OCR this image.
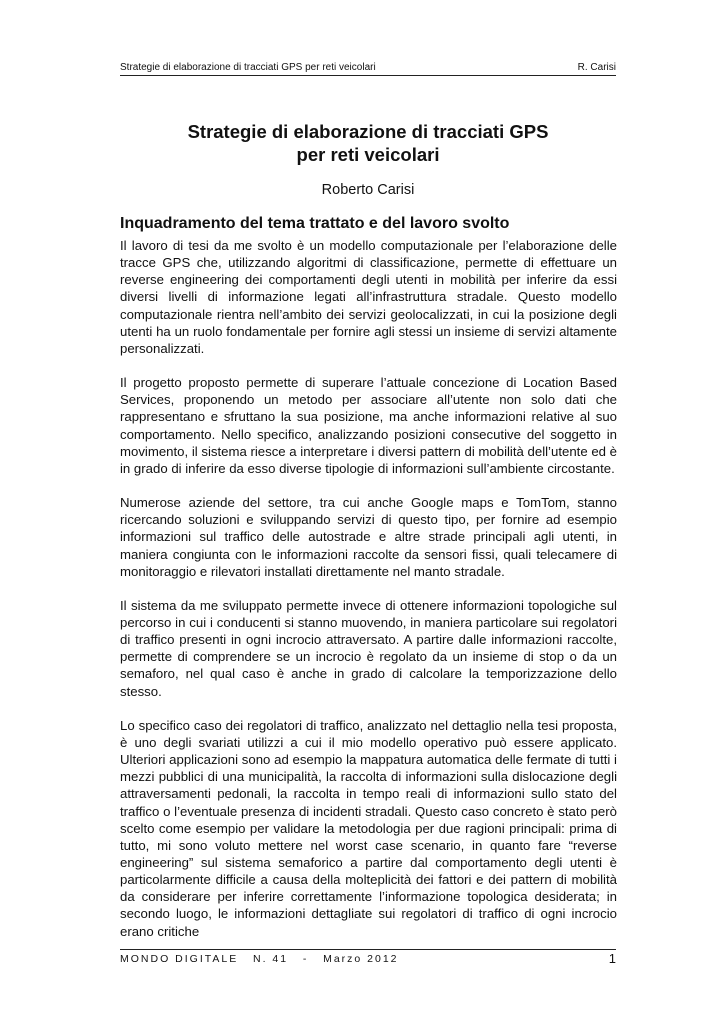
Strategie di elaborazione di tracciati GPS per reti veicolari	R. Carisi
Strategie di elaborazione di tracciati GPS
per reti veicolari
Roberto Carisi
Inquadramento del tema trattato e del lavoro svolto

Il lavoro di tesi da me svolto è un modello computazionale per l’elaborazione delle tracce GPS che, utilizzando algoritmi di classificazione, permette di effettuare un reverse engineering dei comportamenti degli utenti in mobilità per inferire da essi diversi livelli di informazione legati all’infrastruttura stradale. Questo modello computazionale rientra nell’ambito dei servizi geolocalizzati, in cui la posizione degli utenti ha un ruolo fondamentale per fornire agli stessi un insieme di servizi altamente personalizzati.

Il progetto proposto permette di superare l’attuale concezione di Location Based Services, proponendo un metodo per associare all’utente non solo dati che rappresentano e sfruttano la sua posizione, ma anche informazioni relative al suo comportamento. Nello specifico, analizzando posizioni consecutive del soggetto in movimento, il sistema riesce a interpretare i diversi pattern di mobilità dell’utente ed è in grado di inferire da esso diverse tipologie di informazioni sull’ambiente circostante.

Numerose aziende del settore, tra cui anche Google maps e TomTom, stanno ricercando soluzioni e sviluppando servizi di questo tipo, per fornire ad esempio informazioni sul traffico delle autostrade e altre strade principali agli utenti, in maniera congiunta con le informazioni raccolte da sensori fissi, quali telecamere di monitoraggio e rilevatori installati direttamente nel manto stradale.

Il sistema da me sviluppato permette invece di ottenere informazioni topologiche sul percorso in cui i conducenti si stanno muovendo, in maniera particolare sui regolatori di traffico presenti in ogni incrocio attraversato. A partire dalle informazioni raccolte, permette di comprendere se un incrocio è regolato da un insieme di stop o da un semaforo, nel qual caso è anche in grado di calcolare la temporizzazione dello stesso.

Lo specifico caso dei regolatori di traffico, analizzato nel dettaglio nella tesi proposta, è uno degli svariati utilizzi a cui il mio modello operativo può essere applicato. Ulteriori applicazioni sono ad esempio la mappatura automatica delle fermate di tutti i mezzi pubblici di una municipalità, la raccolta di informazioni sulla dislocazione degli attraversamenti pedonali, la raccolta in tempo reali di informazioni sullo stato del traffico o l’eventuale presenza di incidenti stradali. Questo caso concreto è stato però scelto come esempio per validare la metodologia per due ragioni principali: prima di tutto, mi sono voluto mettere nel worst case scenario, in quanto fare “reverse engineering” sul sistema semaforico a partire dal comportamento degli utenti è particolarmente difficile a causa della molteplicità dei fattori e dei pattern di mobilità da considerare per inferire correttamente l’informazione topologica desiderata; in secondo luogo, le informazioni dettagliate sui regolatori di traffico di ogni incrocio erano critiche

MONDO DIGITALE   N. 41   -   Marzo 2012	1
